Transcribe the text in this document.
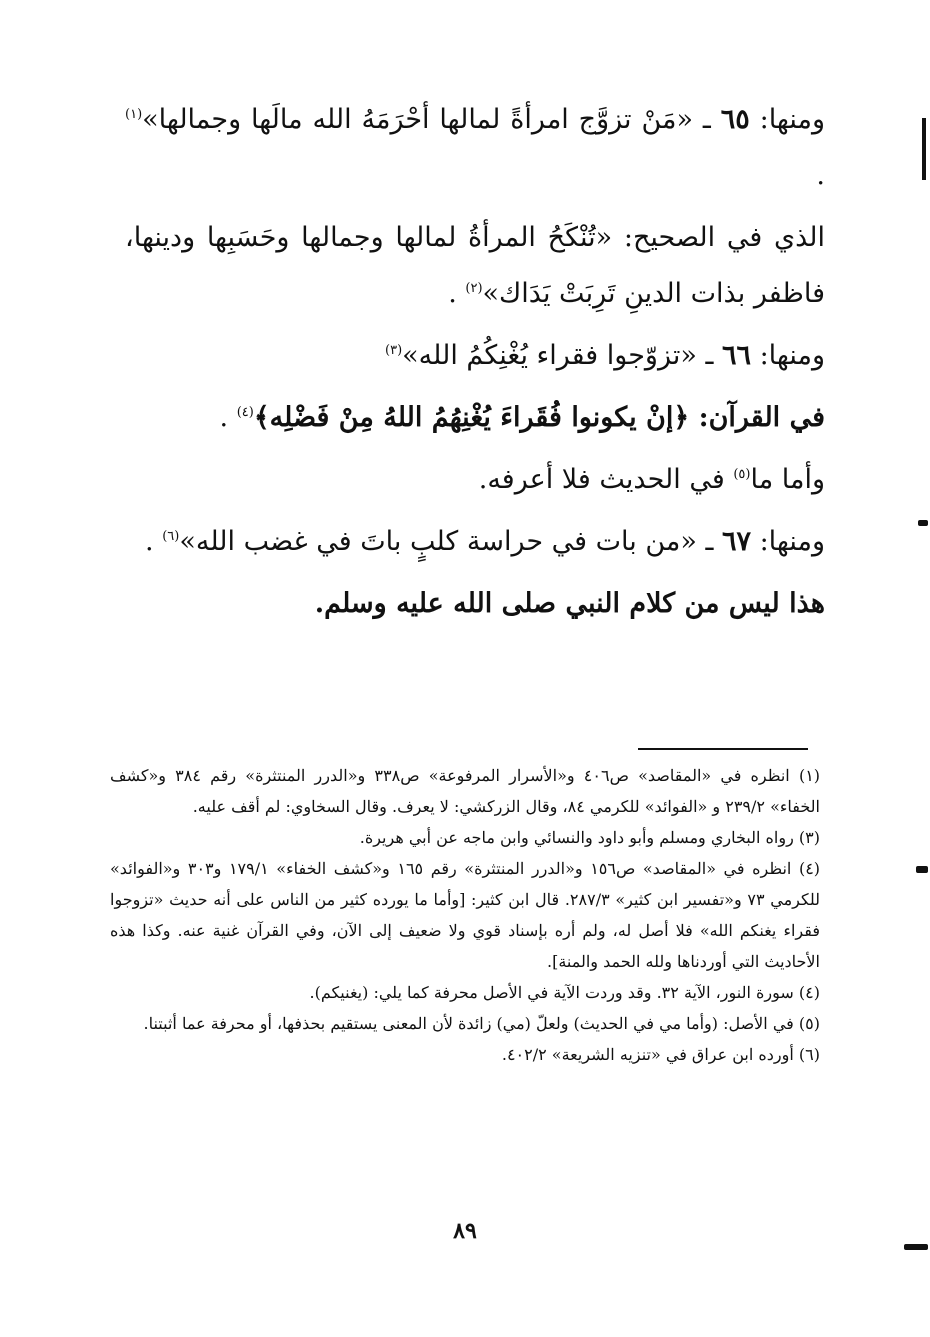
ومنها: ٦٥ ـ «مَنْ تزوَّج امرأةً لمالها أحْرَمَهُ الله مالَها وجمالها»$^{(١)}$ .

الذي في الصحيح: «تُنْكَحُ المرأةُ لمالها وجمالها وحَسَبِها ودينها، فاظفر بذات الدينِ تَرِبَتْ يَدَاك»$^{(٢)}$ .

ومنها: ٦٦ ـ «تزوّجوا فقراء يُغْنِكُمُ الله»$^{(٣)}$

في القرآن: ﴿إنْ يكونوا فُقَراءَ يُغْنِهُمُ اللهُ مِنْ فَضْلِه﴾$^{(٤)}$ .

وأما ما$^{(٥)}$ في الحديث فلا أعرفه.

ومنها: ٦٧ ـ «من بات في حراسة كلبٍ باتَ في غضب الله»$^{(٦)}$ .

هذا ليس من كلام النبي صلى الله عليه وسلم.

(١) انظره في «المقاصد» ص٤٠٦ و«الأسرار المرفوعة» ص٣٣٨ و«الدرر المنتثرة» رقم ٣٨٤ و«كشف الخفاء» ٢٣٩/٢ و «الفوائد» للكرمي ٨٤، وقال الزركشي: لا يعرف. وقال السخاوي: لم أقف عليه.

(٣) رواه البخاري ومسلم وأبو داود والنسائي وابن ماجه عن أبي هريرة.

(٤) انظره في «المقاصد» ص١٥٦ و«الدرر المنتثرة» رقم ١٦٥ و«كشف الخفاء» ١٧٩/١ و٣٠٣ و«الفوائد» للكرمي ٧٣ و«تفسير ابن كثير» ٢٨٧/٣. قال ابن كثير: [وأما ما يورده كثير من الناس على أنه حديث «تزوجوا فقراء يغنكم الله» فلا أصل له، ولم أره بإسناد قوي ولا ضعيف إلى الآن، وفي القرآن غنية عنه. وكذا هذه الأحاديث التي أوردناها ولله الحمد والمنة].

(٤) سورة النور، الآية ٣٢. وقد وردت الآية في الأصل محرفة كما يلي: (يغنيكم).

(٥) في الأصل: (وأما مي في الحديث) ولعلّ (مي) زائدة لأن المعنى يستقيم بحذفها، أو محرفة عما أثبتنا.

(٦) أورده ابن عراق في «تنزيه الشريعة» ٤٠٢/٢.

٨٩
